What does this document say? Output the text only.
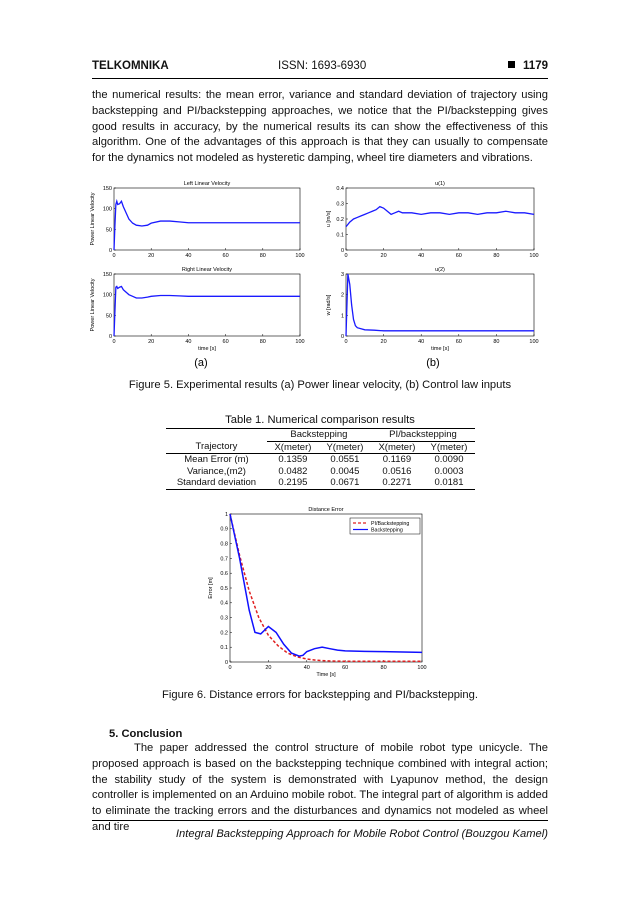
TELKOMNIKA	ISSN: 1693-6930	1179
the numerical results: the mean error, variance and standard deviation of trajectory using backstepping and PI/backstepping approaches, we notice that the PI/backstepping gives good results in accuracy, by the numerical results its can show the effectiveness of this algorithm. One of the advantages of this approach is that they can usually to compensate for the dynamics not modeled as hysteretic damping, wheel tire diameters and vibrations.
0	20	40	60	80	100
0
50
100
150
Left Linear Velocity
Power Linear Velocity
0	20	40	60	80	100
0
0.1
0.2
0.3
0.4
u(1)
u [m/s]
0	20	40	60	80	100
0
50
100
150
Right Linear Velocity
time [s]
Power Linear Velocity
0	20	40	60	80	100
0
1
2
3
u(2)
time [s]
w [rad/s]
(a)	(b)
Figure 5. Experimental results (a) Power linear velocity, (b) Control law inputs
Table 1. Numerical comparison results
	Backstepping		PI/backstepping	
Trajectory	X(meter)	Y(meter)	X(meter)	Y(meter)
Mean Error (m)	0.1359	0.0551	0.1169	0.0090
Variance,(m2)	0.0482	0.0045	0.0516	0.0003
Standard deviation	0.2195	0.0671	0.2271	0.0181
0	20	40	60	80	100
0
0.1
0.2
0.3
0.4
0.5
0.6
0.7
0.8
0.9
1
Distance Error
Time [s]
Error [m]
PI/Backstepping
Backstepping
Figure 6. Distance errors for backstepping and PI/backstepping.
5. Conclusion
The paper addressed the control structure of mobile robot type unicycle. The proposed approach is based on the backstepping technique combined with integral action; the stability study of the system is demonstrated with Lyapunov method, the design controller is implemented on an Arduino mobile robot. The integral part of algorithm is added to eliminate the tracking errors and the disturbances and dynamics not modeled as wheel and tire
Integral Backstepping Approach for Mobile Robot Control (Bouzgou Kamel)
